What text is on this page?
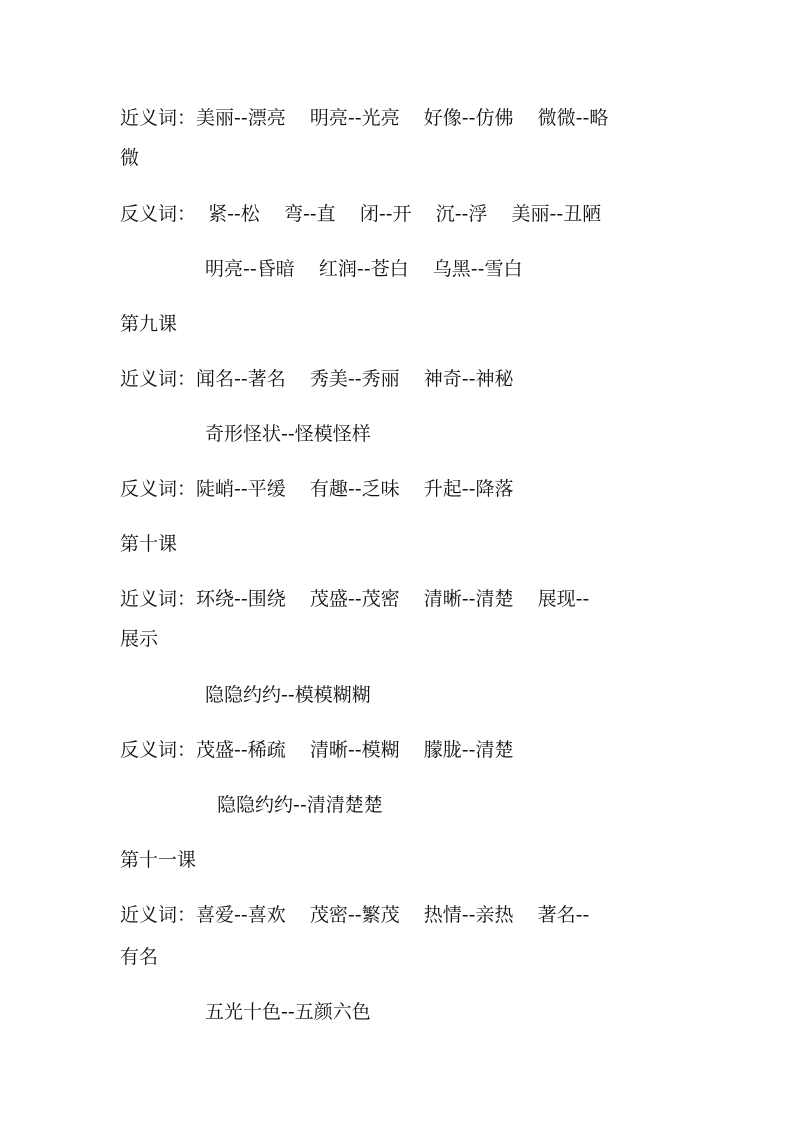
近义词：美丽--漂亮    明亮--光亮    好像--仿佛    微微--略

微

反义词：  紧--松    弯--直    闭--开    沉--浮    美丽--丑陋

明亮--昏暗    红润--苍白    乌黑--雪白

第九课

近义词：闻名--著名    秀美--秀丽    神奇--神秘

奇形怪状--怪模怪样

反义词：陡峭--平缓    有趣--乏味    升起--降落

第十课

近义词：环绕--围绕    茂盛--茂密    清晰--清楚    展现--

展示

隐隐约约--模模糊糊

反义词：茂盛--稀疏    清晰--模糊    朦胧--清楚

隐隐约约--清清楚楚

第十一课

近义词：喜爱--喜欢    茂密--繁茂    热情--亲热    著名--

有名

五光十色--五颜六色
